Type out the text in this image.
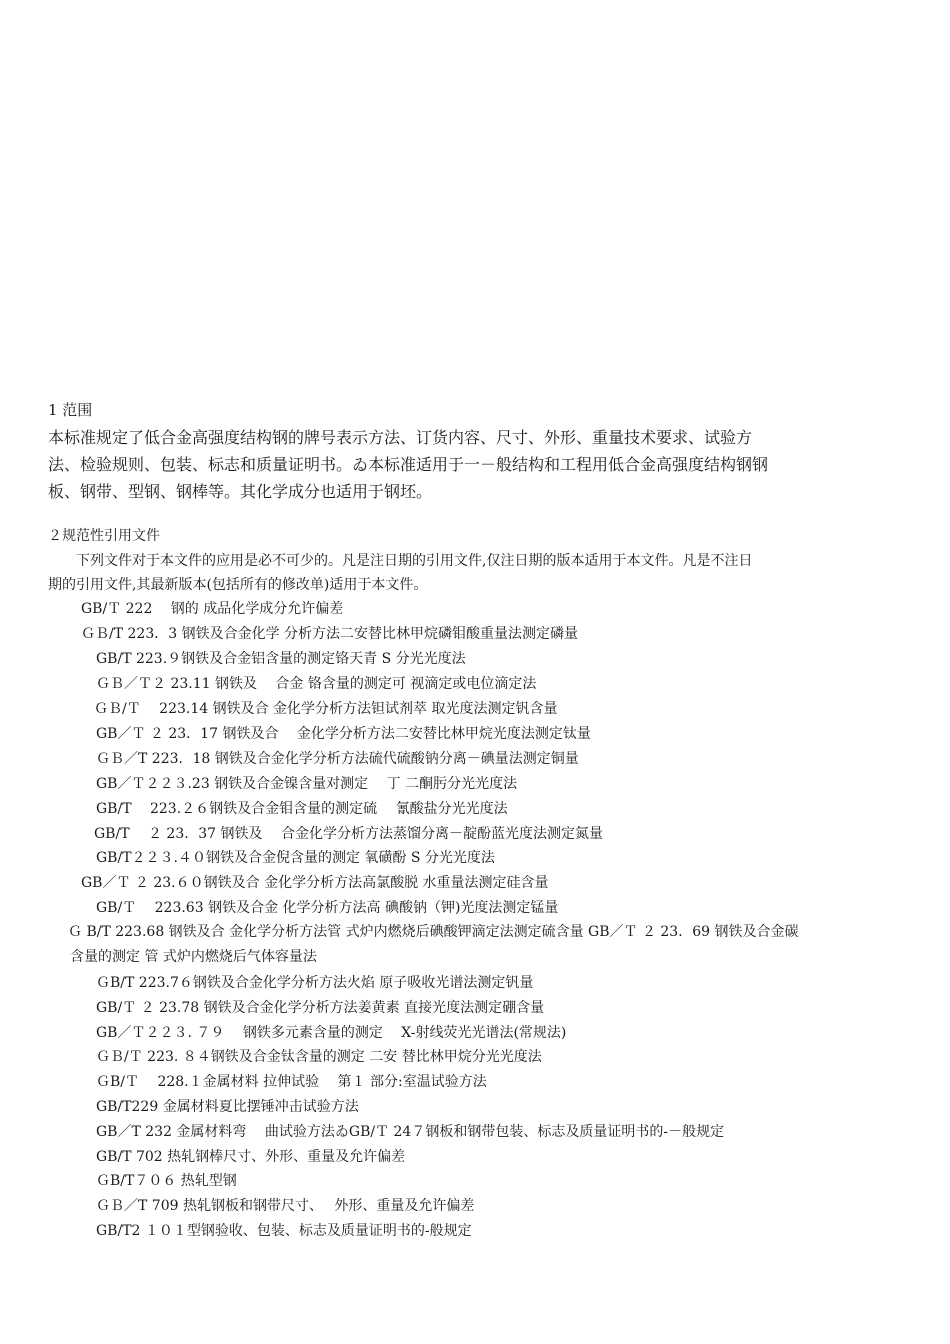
1 范围
本标准规定了低合金高强度结构钢的牌号表示方法、订货内容、尺寸、外形、重量技术要求、试验方
法、检验规则、包装、标志和质量证明书。ゐ本标准适用于一－般结构和工程用低合金高强度结构钢钢
板、钢带、型钢、钢棒等。其化学成分也适用于钢坯。
２规范性引用文件
　　下列文件对于本文件的应用是必不可少的。凡是注日期的引用文件,仅注日期的版本适用于本文件。凡是不注日
期的引用文件,其最新版本(包括所有的修改单)适用于本文件。
GB/Ｔ 222　 钢的 成品化学成分允许偏差
ＧＢ/T 223．3 钢铁及合金化学 分析方法二安替比林甲烷磷钼酸重量法测定磷量
GB/T 223.９钢铁及合金铝含量的测定铬天青 S 分光光度法
ＧＢ／Ｔ２ 23.11 钢铁及　 合金 铬含量的测定可 视滴定或电位滴定法
ＧＢ/Ｔ　 223.14 钢铁及合 金化学分析方法钽试剂萃 取光度法测定钒含量
GB／Ｔ ２ 23．17 钢铁及合　 金化学分析方法二安替比林甲烷光度法测定钛量
ＧＢ／T 223．18 钢铁及合金化学分析方法硫代硫酸钠分离－碘量法测定铜量
GB／Ｔ２２３.23 钢铁及合金镍含量对测定　 丁 二酮肟分光光度法
GB/T　 223.２６钢铁及合金钼含量的测定硫　 氰酸盐分光光度法
GB/T　 ２ 23．37 钢铁及　 合金化学分析方法蒸馏分离－靛酚蓝光度法测定氮量
GB/T２２３.４０钢铁及合金倪含量的测定 氧磺酚 S 分光光度法
GB／Ｔ ２ 23.６０钢铁及合 金化学分析方法高氯酸脱 水重量法测定硅含量
GB/Ｔ　 223.63 钢铁及合金 化学分析方法高 碘酸钠（钾)光度法测定锰量
Ｇ B/T 223.68 钢铁及合 金化学分析方法管 式炉内燃烧后碘酸钾滴定法测定硫含量 GB／Ｔ ２ 23．69 钢铁及合金碳
含量的测定 管 式炉内燃烧后气体容量法
ＧB/T 223.7６钢铁及合金化学分析方法火焰 原子吸收光谱法测定钒量
GB/Ｔ ２ 23.78 钢铁及合金化学分析方法姜黄素 直接光度法测定硼含量
GB／Ｔ２２３. ７９　 钢铁多元素含量的测定　 X-射线荧光光谱法(常规法)
ＧＢ/Ｔ 223. ８４钢铁及合金钛含量的测定 二安 替比林甲烷分光光度法
ＧB/Ｔ　 228.１金属材料 拉伸试验　 第１ 部分:室温试验方法
GB/T229 金属材料夏比摆锤冲击试验方法
GB／T 232 金属材料弯　 曲试验方法ゐGB/Ｔ 24７钢板和钢带包装、标志及质量证明书的-－般规定
GB/T 702 热轧钢棒尺寸、外形、重量及允许偏差
ＧB/T７０６ 热轧型钢
ＧＢ／T 709 热轧钢板和钢带尺寸、　 外形、重量及允许偏差
GB/T2 １０１型钢验收、包装、标志及质量证明书的-般规定
